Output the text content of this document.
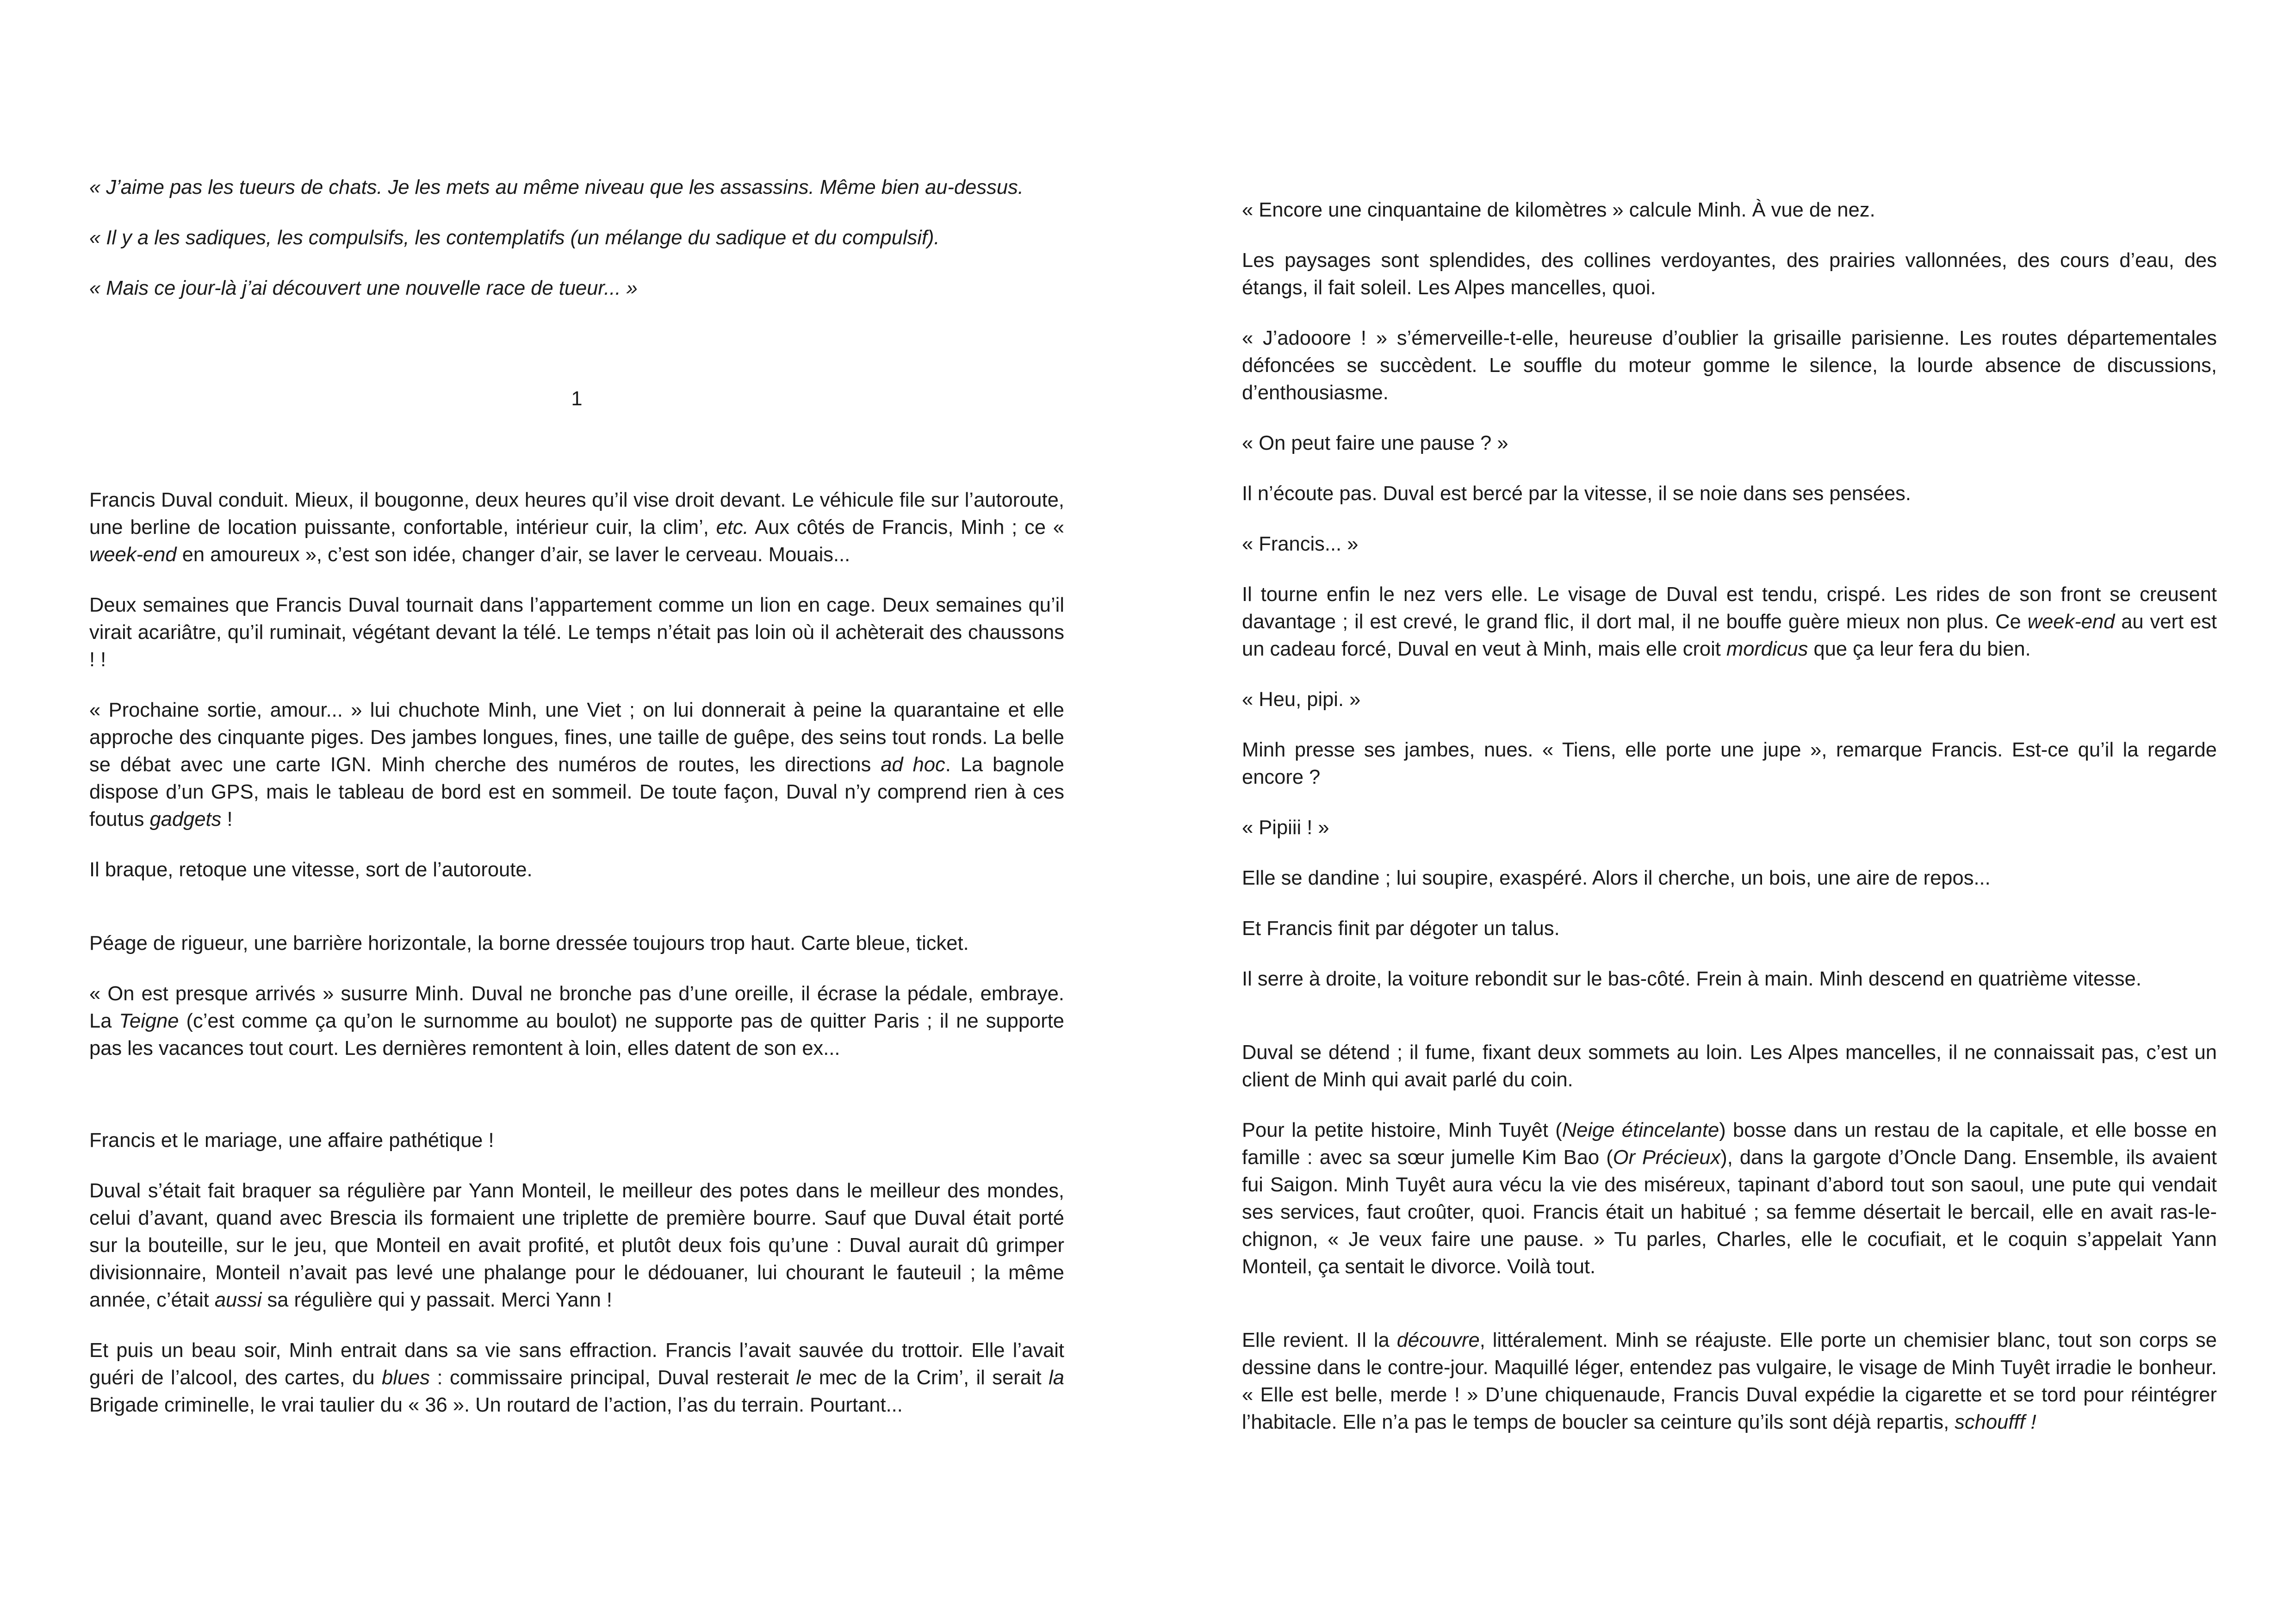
« J’aime pas les tueurs de chats. Je les mets au même niveau que les assassins. Même bien au-dessus.

« Il y a les sadiques, les compulsifs, les contemplatifs (un mélange du sadique et du compulsif).

« Mais ce jour-là j’ai découvert une nouvelle race de tueur... »

1

Francis Duval conduit. Mieux, il bougonne, deux heures qu’il vise droit devant. Le véhicule file sur l’autoroute, une berline de location puissante, confortable, intérieur cuir, la clim’, etc. Aux côtés de Francis, Minh ; ce « week-end en amoureux », c’est son idée, changer d’air, se laver le cerveau. Mouais...

Deux semaines que Francis Duval tournait dans l’appartement comme un lion en cage. Deux semaines qu’il virait acariâtre, qu’il ruminait, végétant devant la télé. Le temps n’était pas loin où il achèterait des chaussons ! !

« Prochaine sortie, amour... » lui chuchote Minh, une Viet ; on lui donnerait à peine la quarantaine et elle approche des cinquante piges. Des jambes longues, fines, une taille de guêpe, des seins tout ronds. La belle se débat avec une carte IGN. Minh cherche des numéros de routes, les directions ad hoc. La bagnole dispose d’un GPS, mais le tableau de bord est en sommeil. De toute façon, Duval n’y comprend rien à ces foutus gadgets !

Il braque, retoque une vitesse, sort de l’autoroute.

Péage de rigueur, une barrière horizontale, la borne dressée toujours trop haut. Carte bleue, ticket.

« On est presque arrivés » susurre Minh. Duval ne bronche pas d’une oreille, il écrase la pédale, embraye. La Teigne (c’est comme ça qu’on le surnomme au boulot) ne supporte pas de quitter Paris ; il ne supporte pas les vacances tout court. Les dernières remontent à loin, elles datent de son ex...

Francis et le mariage, une affaire pathétique !

Duval s’était fait braquer sa régulière par Yann Monteil, le meilleur des potes dans le meilleur des mondes, celui d’avant, quand avec Brescia ils formaient une triplette de première bourre. Sauf que Duval était porté sur la bouteille, sur le jeu, que Monteil en avait profité, et plutôt deux fois qu’une : Duval aurait dû grimper divisionnaire, Monteil n’avait pas levé une phalange pour le dédouaner, lui chourant le fauteuil ; la même année, c’était aussi sa régulière qui y passait. Merci Yann !

Et puis un beau soir, Minh entrait dans sa vie sans effraction. Francis l’avait sauvée du trottoir. Elle l’avait guéri de l’alcool, des cartes, du blues : commissaire principal, Duval resterait le mec de la Crim’, il serait la Brigade criminelle, le vrai taulier du « 36 ». Un routard de l’action, l’as du terrain. Pourtant...

« Encore une cinquantaine de kilomètres » calcule Minh. À vue de nez.

Les paysages sont splendides, des collines verdoyantes, des prairies vallonnées, des cours d’eau, des étangs, il fait soleil. Les Alpes mancelles, quoi.

« J’adooore ! » s’émerveille-t-elle, heureuse d’oublier la grisaille parisienne. Les routes départementales défoncées se succèdent. Le souffle du moteur gomme le silence, la lourde absence de discussions, d’enthousiasme.

« On peut faire une pause ? »

Il n’écoute pas. Duval est bercé par la vitesse, il se noie dans ses pensées.

« Francis... »

Il tourne enfin le nez vers elle. Le visage de Duval est tendu, crispé. Les rides de son front se creusent davantage ; il est crevé, le grand flic, il dort mal, il ne bouffe guère mieux non plus. Ce week-end au vert est un cadeau forcé, Duval en veut à Minh, mais elle croit mordicus que ça leur fera du bien.

« Heu, pipi. »

Minh presse ses jambes, nues. « Tiens, elle porte une jupe », remarque Francis. Est-ce qu’il la regarde encore ?

« Pipiii ! »

Elle se dandine ; lui soupire, exaspéré. Alors il cherche, un bois, une aire de repos...

Et Francis finit par dégoter un talus.

Il serre à droite, la voiture rebondit sur le bas-côté. Frein à main. Minh descend en quatrième vitesse.

Duval se détend ; il fume, fixant deux sommets au loin. Les Alpes mancelles, il ne connaissait pas, c’est un client de Minh qui avait parlé du coin.

Pour la petite histoire, Minh Tuyêt (Neige étincelante) bosse dans un restau de la capitale, et elle bosse en famille : avec sa sœur jumelle Kim Bao (Or Précieux), dans la gargote d’Oncle Dang. Ensemble, ils avaient fui Saigon. Minh Tuyêt aura vécu la vie des miséreux, tapinant d’abord tout son saoul, une pute qui vendait ses services, faut croûter, quoi. Francis était un habitué ; sa femme désertait le bercail, elle en avait ras-le-chignon, « Je veux faire une pause. » Tu parles, Charles, elle le cocufiait, et le coquin s’appelait Yann Monteil, ça sentait le divorce. Voilà tout.

Elle revient. Il la découvre, littéralement. Minh se réajuste. Elle porte un chemisier blanc, tout son corps se dessine dans le contre-jour. Maquillé léger, entendez pas vulgaire, le visage de Minh Tuyêt irradie le bonheur. « Elle est belle, merde ! » D’une chiquenaude, Francis Duval expédie la cigarette et se tord pour réintégrer l’habitacle. Elle n’a pas le temps de boucler sa ceinture qu’ils sont déjà repartis, schoufff !
